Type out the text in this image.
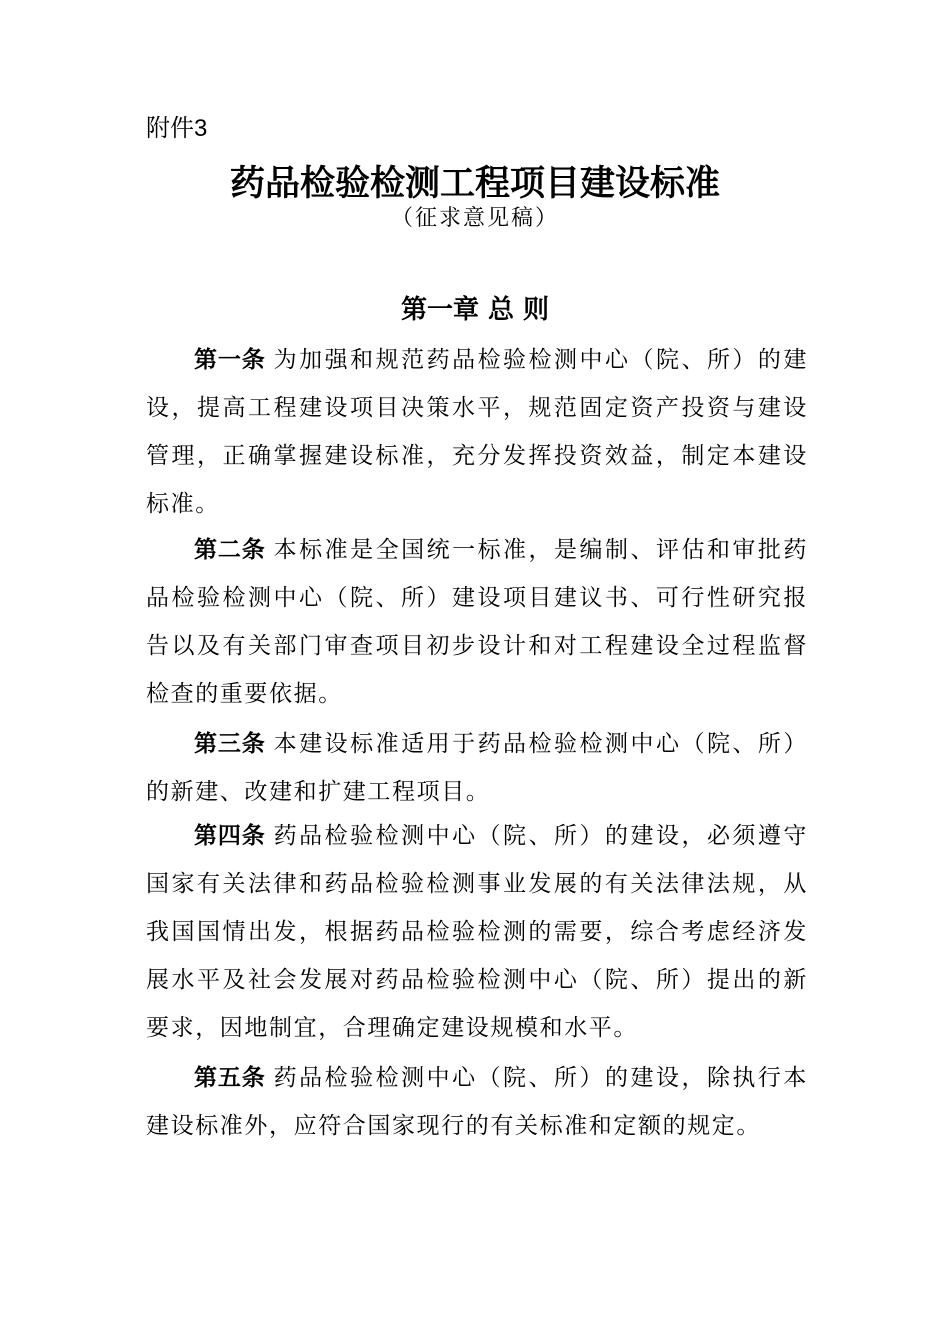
附件3
药品检验检测工程项目建设标准
（征求意见稿）
第一章 总 则
第一条 为加强和规范药品检验检测中心（院、所）的建设，提高工程建设项目决策水平，规范固定资产投资与建设管理，正确掌握建设标准，充分发挥投资效益，制定本建设标准。
第二条 本标准是全国统一标准，是编制、评估和审批药品检验检测中心（院、所）建设项目建议书、可行性研究报告以及有关部门审查项目初步设计和对工程建设全过程监督检查的重要依据。
第三条 本建设标准适用于药品检验检测中心（院、所）的新建、改建和扩建工程项目。
第四条 药品检验检测中心（院、所）的建设，必须遵守国家有关法律和药品检验检测事业发展的有关法律法规，从我国国情出发，根据药品检验检测的需要，综合考虑经济发展水平及社会发展对药品检验检测中心（院、所）提出的新要求，因地制宜，合理确定建设规模和水平。
第五条 药品检验检测中心（院、所）的建设，除执行本建设标准外，应符合国家现行的有关标准和定额的规定。
